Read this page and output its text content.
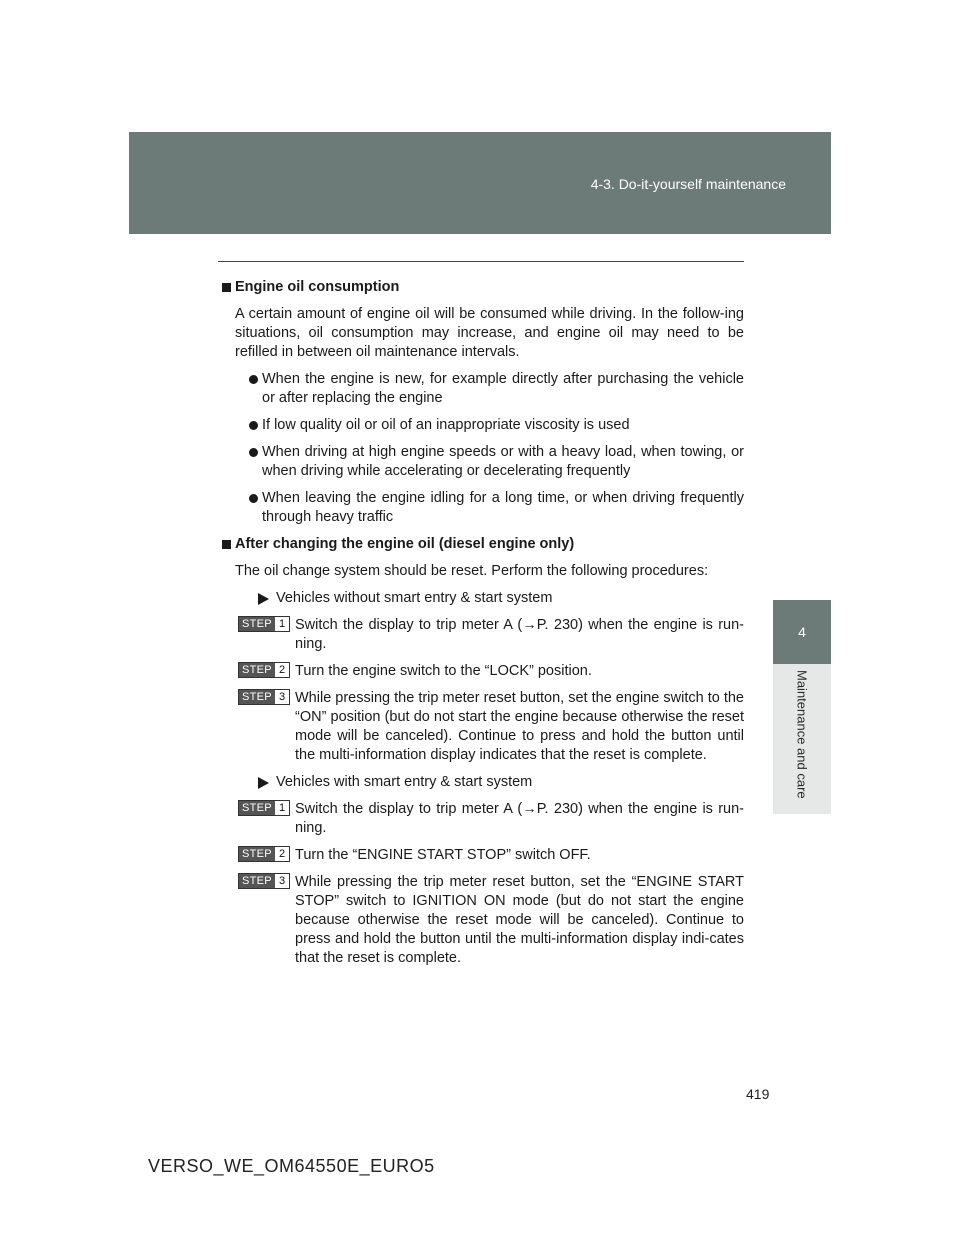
4-3. Do-it-yourself maintenance
4
Maintenance and care
Engine oil consumption

A certain amount of engine oil will be consumed while driving. In the follow-ing situations, oil consumption may increase, and engine oil may need to be refilled in between oil maintenance intervals.

When the engine is new, for example directly after purchasing the vehicle or after replacing the engine
If low quality oil or oil of an inappropriate viscosity is used
When driving at high engine speeds or with a heavy load, when towing, or when driving while accelerating or decelerating frequently
When leaving the engine idling for a long time, or when driving frequently through heavy traffic
After changing the engine oil (diesel engine only)

The oil change system should be reset. Perform the following procedures:

Vehicles without smart entry & start system
STEP 1 Switch the display to trip meter A (→P. 230) when the engine is run-ning.
STEP 2 Turn the engine switch to the “LOCK” position.
STEP 3 While pressing the trip meter reset button, set the engine switch to the “ON” position (but do not start the engine because otherwise the reset mode will be canceled). Continue to press and hold the button until the multi-information display indicates that the reset is complete.
Vehicles with smart entry & start system
STEP 1 Switch the display to trip meter A (→P. 230) when the engine is run-ning.
STEP 2 Turn the “ENGINE START STOP” switch OFF.
STEP 3 While pressing the trip meter reset button, set the “ENGINE START STOP” switch to IGNITION ON mode (but do not start the engine because otherwise the reset mode will be canceled). Continue to press and hold the button until the multi-information display indi-cates that the reset is complete.
419
VERSO_WE_OM64550E_EURO5
